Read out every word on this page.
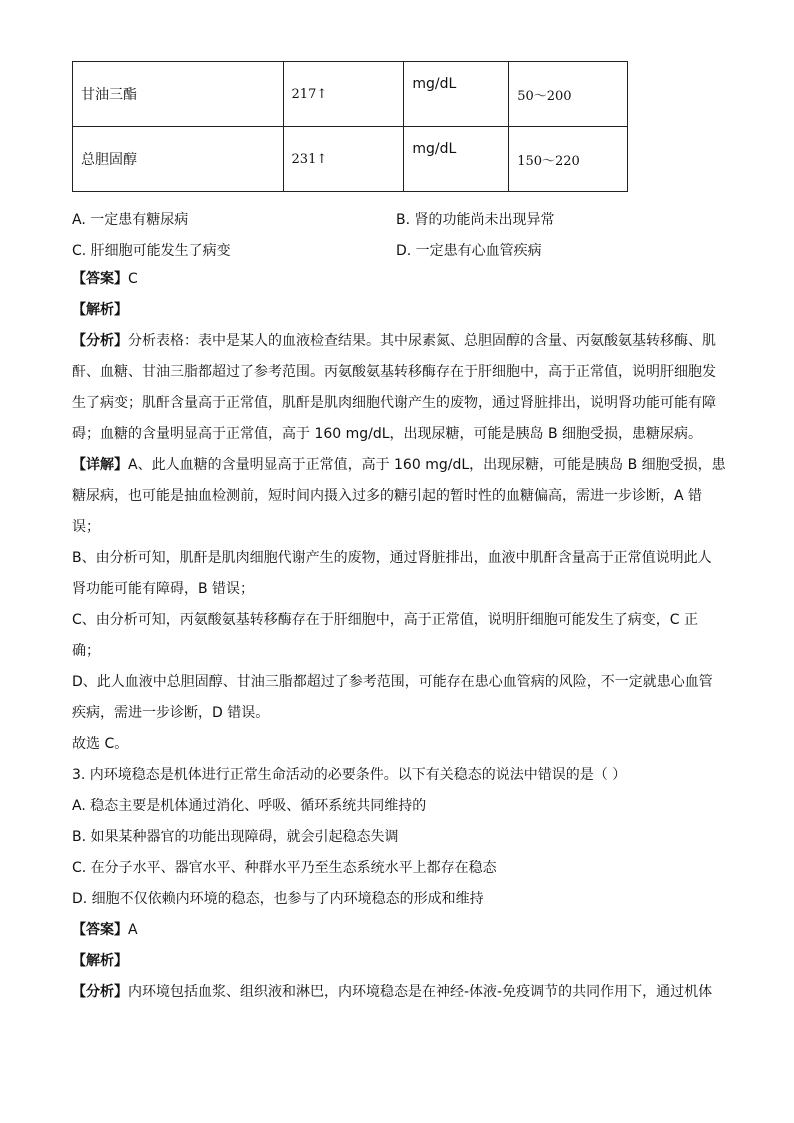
甘油三酯	217↑	mg/dL	50～200
总胆固醇	231↑	mg/dL	150～220
A. 一定患有糖尿病	B. 肾的功能尚未出现异常
C. 肝细胞可能发生了病变	D. 一定患有心血管疾病
【答案】C
【解析】
【分析】分析表格：表中是某人的血液检查结果。其中尿素氮、总胆固醇的含量、丙氨酸氨基转移酶、肌
酐、血糖、甘油三脂都超过了参考范围。丙氨酸氨基转移酶存在于肝细胞中，高于正常值，说明肝细胞发
生了病变；肌酐含量高于正常值，肌酐是肌肉细胞代谢产生的废物，通过肾脏排出，说明肾功能可能有障
碍；血糖的含量明显高于正常值，高于 160 mg/dL，出现尿糖，可能是胰岛 B 细胞受损，患糖尿病。
【详解】A、此人血糖的含量明显高于正常值，高于 160 mg/dL，出现尿糖，可能是胰岛 B 细胞受损，患
糖尿病，也可能是抽血检测前，短时间内摄入过多的糖引起的暂时性的血糖偏高，需进一步诊断，A 错
误；
B、由分析可知，肌酐是肌肉细胞代谢产生的废物，通过肾脏排出，血液中肌酐含量高于正常值说明此人
肾功能可能有障碍，B 错误；
C、由分析可知，丙氨酸氨基转移酶存在于肝细胞中，高于正常值，说明肝细胞可能发生了病变，C 正
确；
D、此人血液中总胆固醇、甘油三脂都超过了参考范围，可能存在患心血管病的风险，不一定就患心血管
疾病，需进一步诊断，D 错误。
故选 C。
3. 内环境稳态是机体进行正常生命活动的必要条件。以下有关稳态的说法中错误的是（ ）
A. 稳态主要是机体通过消化、呼吸、循环系统共同维持的
B. 如果某种器官的功能出现障碍，就会引起稳态失调
C. 在分子水平、器官水平、种群水平乃至生态系统水平上都存在稳态
D. 细胞不仅依赖内环境的稳态，也参与了内环境稳态的形成和维持
【答案】A
【解析】
【分析】内环境包括血浆、组织液和淋巴，内环境稳态是在神经-体液-免疫调节的共同作用下，通过机体
